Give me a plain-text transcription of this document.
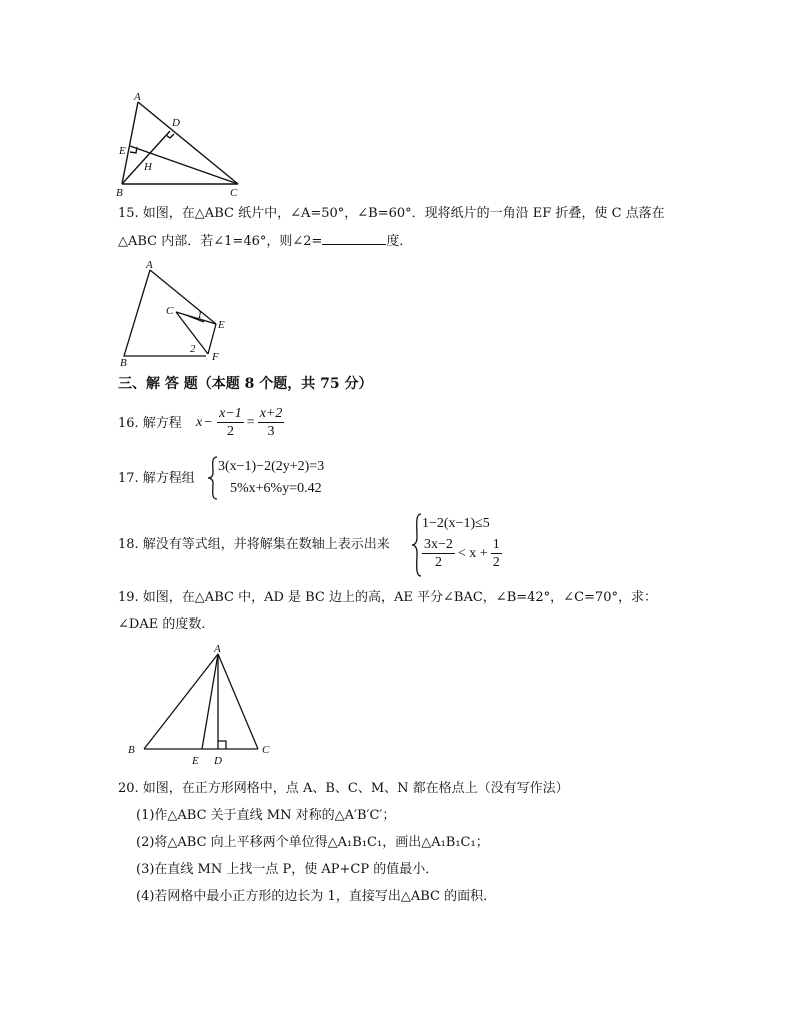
A
D
E
H
B	C
15. 如图，在△ABC 纸片中，∠A=50°，∠B=60°．现将纸片的一角沿 EF 折叠，使 C 点落在
△ABC 内部．若∠1=46°，则∠2=	度．
A
B
C
E
F
1
2
三、解 答 题（本题 8 个题，共 75 分）
16. 解方程 $x - \frac{x-1}{2} = \frac{x+2}{3}$
17. 解方程组
3(x−1)−2(2y+2)=3
5%x+6%y=0.42
18. 解没有等式组，并将解集在数轴上表示出来
1−2(x−1)≤5
$\frac{3x-2}{2} < x + \frac{1}{2}$
19. 如图，在△ABC 中，AD 是 BC 边上的高，AE 平分∠BAC，∠B=42°，∠C=70°，求：
∠DAE 的度数.
A
B	C
E D
20. 如图，在正方形网格中，点 A、B、C、M、N 都在格点上（没有写作法）
(1)作△ABC 关于直线 MN 对称的△A′B′C′；
(2)将△ABC 向上平移两个单位得△A₁B₁C₁，画出△A₁B₁C₁；
(3)在直线 MN 上找一点 P，使 AP+CP 的值最小．
(4)若网格中最小正方形的边长为 1，直接写出△ABC 的面积．
